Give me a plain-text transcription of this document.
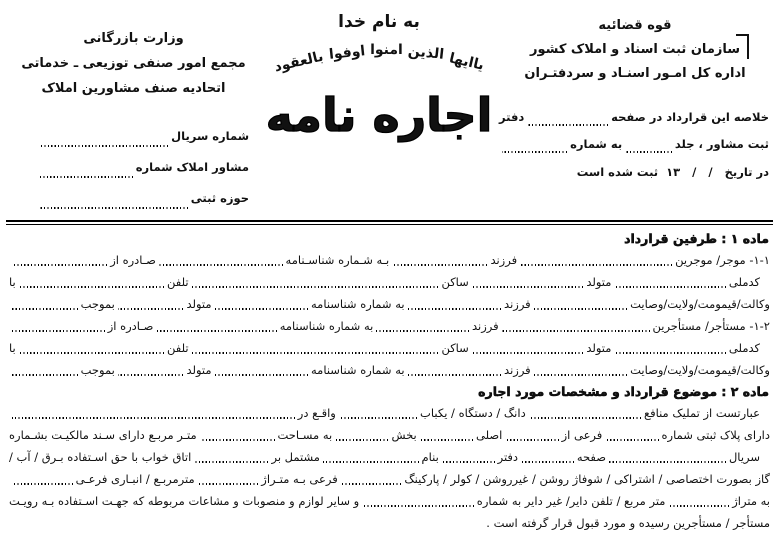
قوه قضائیه

سازمان ثبت اسناد و املاک کشور

اداره کل امـور اسنـاد و سردفتـران

خلاصه این قرارداد در صفحه
دفتر
ثبت مشاور ، جلد
به شماره
در تاریخ   /   /   ۱۳  ثبت شده است
به نام خدا
یاایها
الذین
امنوا
اوفوا
بالعقود
اجاره نامه

وزارت بازرگانی

مجمع امور صنفی توزیعی ـ خدماتی

اتحادیه صنف مشاورین املاک

شماره سریال
مشاور املاک شماره
حوزه ثبتی
ماده ۱ : طرفین قرارداد
۱-۱- موجر/ موجرین
فرزند
بـه شـماره شناسـنامه
صـادره از
کدملی
متولد
ساکن
تلفن
با
وکالت/قیمومت/ولایت/وصایت
فرزند
به شماره شناسنامه
متولد
بموجب
۱-۲- مستأجر/ مستأجرین
فرزند
به شماره شناسنامه
صـادره از
کدملی
متولد
ساکن
تلفن
با
وکالت/قیمومت/ولایت/وصایت
فرزند
به شماره شناسنامه
متولد
بموجب
ماده ۲ : موضوع قرارداد و مشخصات مورد اجاره
عبارتست از تملیک منافع
دانگ / دستگاه / یکباب
واقـع در
دارای پلاک ثبتی شماره
فرعی از
اصلی
بخش
به مسـاحت
متـر مربـع دارای سـند مالکیـت بشـماره
سریال
صفحه
دفتر
بنام
مشتمل بر
اتاق خواب با حق اسـتفاده بـرق / آب /
گاز بصورت اختصاصی / اشتراکی / شوفاژ روشن / غیرروشن / کولر / پارکینگ
فرعی بـه متـراژ
مترمربـع / انبـاری فرعـی
به متراژ
متر مربع / تلفن دایر/ غیر دایر به شماره
و سایر لوازم و منصوبات و مشاعات مربوطه که جهـت اسـتفاده بـه رویـت
مستأجر / مستأجرین رسیده و مورد قبول قرار گرفته است .
